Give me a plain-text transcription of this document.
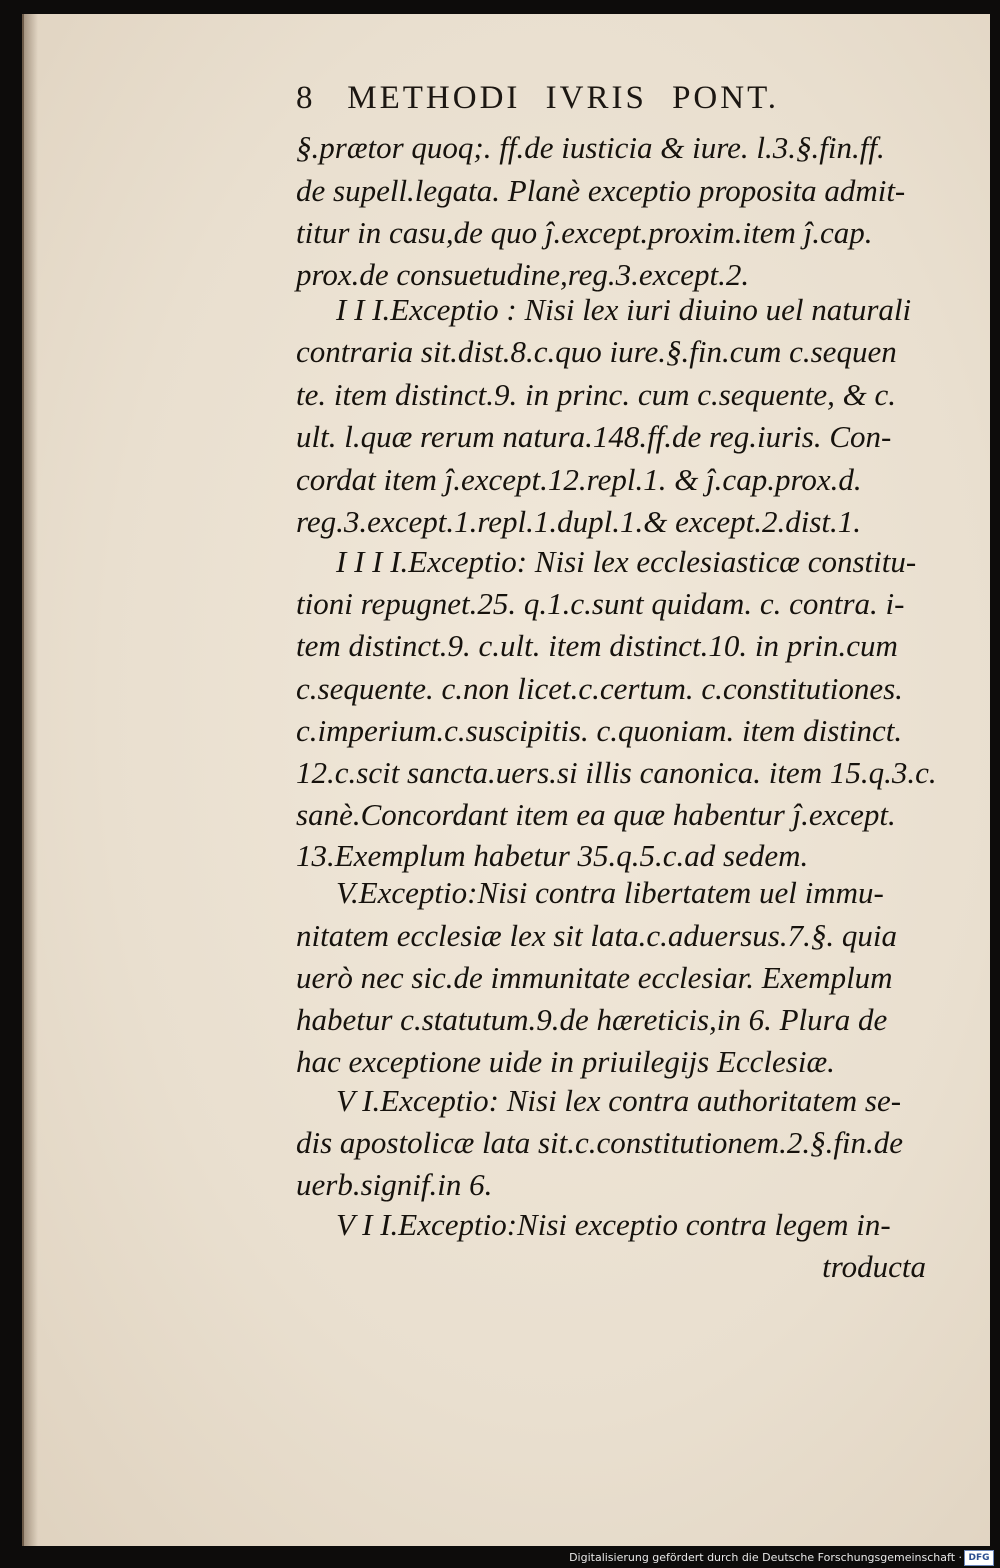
8 METHODI IVRIS PONT.
§.prætor quoq;. ff.de iusticia & iure. l.3.§.fin.ff.
de supell.legata. Planè exceptio proposita admit-
titur in casu,de quo ĵ.except.proxim.item ĵ.cap.
prox.de consuetudine,reg.3.except.2.
I I I.Exceptio : Nisi lex iuri diuino uel naturali
contraria sit.dist.8.c.quo iure.§.fin.cum c.sequen
te. item distinct.9. in princ. cum c.sequente, & c.
ult. l.quæ rerum natura.148.ff.de reg.iuris. Con-
cordat item ĵ.except.12.repl.1. & ĵ.cap.prox.d.
reg.3.except.1.repl.1.dupl.1.& except.2.dist.1.
I I I I.Exceptio: Nisi lex ecclesiasticæ constitu-
tioni repugnet.25. q.1.c.sunt quidam. c. contra. i-
tem distinct.9. c.ult. item distinct.10. in prin.cum
c.sequente. c.non licet.c.certum. c.constitutiones.
c.imperium.c.suscipitis. c.quoniam. item distinct.
12.c.scit sancta.uers.si illis canonica. item 15.q.3.c.
sanè.Concordant item ea quæ habentur ĵ.except.
13.Exemplum habetur 35.q.5.c.ad sedem.
V.Exceptio:Nisi contra libertatem uel immu-
nitatem ecclesiæ lex sit lata.c.aduersus.7.§. quia
uerò nec sic.de immunitate ecclesiar. Exemplum
habetur c.statutum.9.de hæreticis,in 6. Plura de
hac exceptione uide in priuilegijs Ecclesiæ.
V I.Exceptio: Nisi lex contra authoritatem se-
dis apostolicæ lata sit.c.constitutionem.2.§.fin.de
uerb.signif.in 6.
V I I.Exceptio:Nisi exceptio contra legem in-
troducta
Digitalisierung gefördert durch die Deutsche Forschungsgemeinschaft · DFG
